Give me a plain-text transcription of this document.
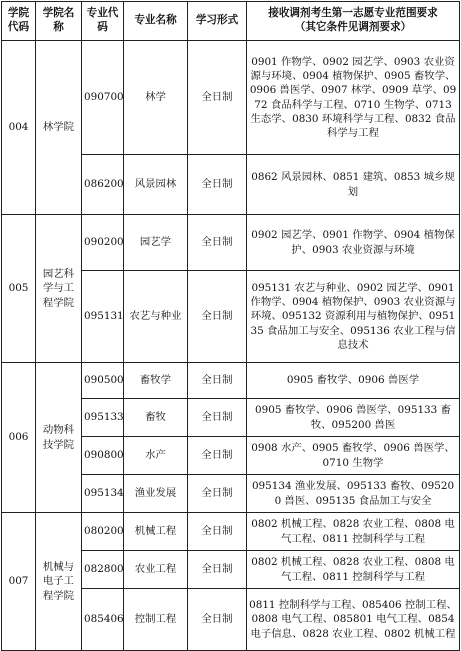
学院代码	学院名称	专业代码	专业名称	学习形式	接收调剂考生第一志愿专业范围要求
（其它条件见调剂要求）

004	林学院	090700	林学	全日制	0901 作物学、0902 园艺学、0903 农业资源与环境、0904 植物保护、0905 畜牧学、0906 兽医学、0907 林学、0909 草学、0972 食品科学与工程、0710 生物学、0713 生态学、0830 环境科学与工程、0832 食品科学与工程
		086200	风景园林	全日制	0862 风景园林、0851 建筑、0853 城乡规划
005	园艺科学与工程学院	090200	园艺学	全日制	0902 园艺学、0901 作物学、0904 植物保护、0903 农业资源与环境
		095131	农艺与种业	全日制	095131 农艺与种业、0902 园艺学、0901 作物学、0904 植物保护、0903 农业资源与环境、095132 资源利用与植物保护、095135 食品加工与安全、095136 农业工程与信息技术
006	动物科技学院	090500	畜牧学	全日制	0905 畜牧学、0906 兽医学
		095133	畜牧	全日制	0905 畜牧学、0906 兽医学、095133 畜牧、095200 兽医
		090800	水产	全日制	0908 水产、0905 畜牧学、0906 兽医学、0710 生物学
		095134	渔业发展	全日制	095134 渔业发展、095133 畜牧、095200 兽医、095135 食品加工与安全
007	机械与电子工程学院	080200	机械工程	全日制	0802 机械工程、0828 农业工程、0808 电气工程、0811 控制科学与工程
		082800	农业工程	全日制	0802 机械工程、0828 农业工程、0808 电气工程、0811 控制科学与工程
		085406	控制工程	全日制	0811 控制科学与工程、085406 控制工程、0808 电气工程、085801 电气工程、0854 电子信息、0828 农业工程、0802 机械工程
